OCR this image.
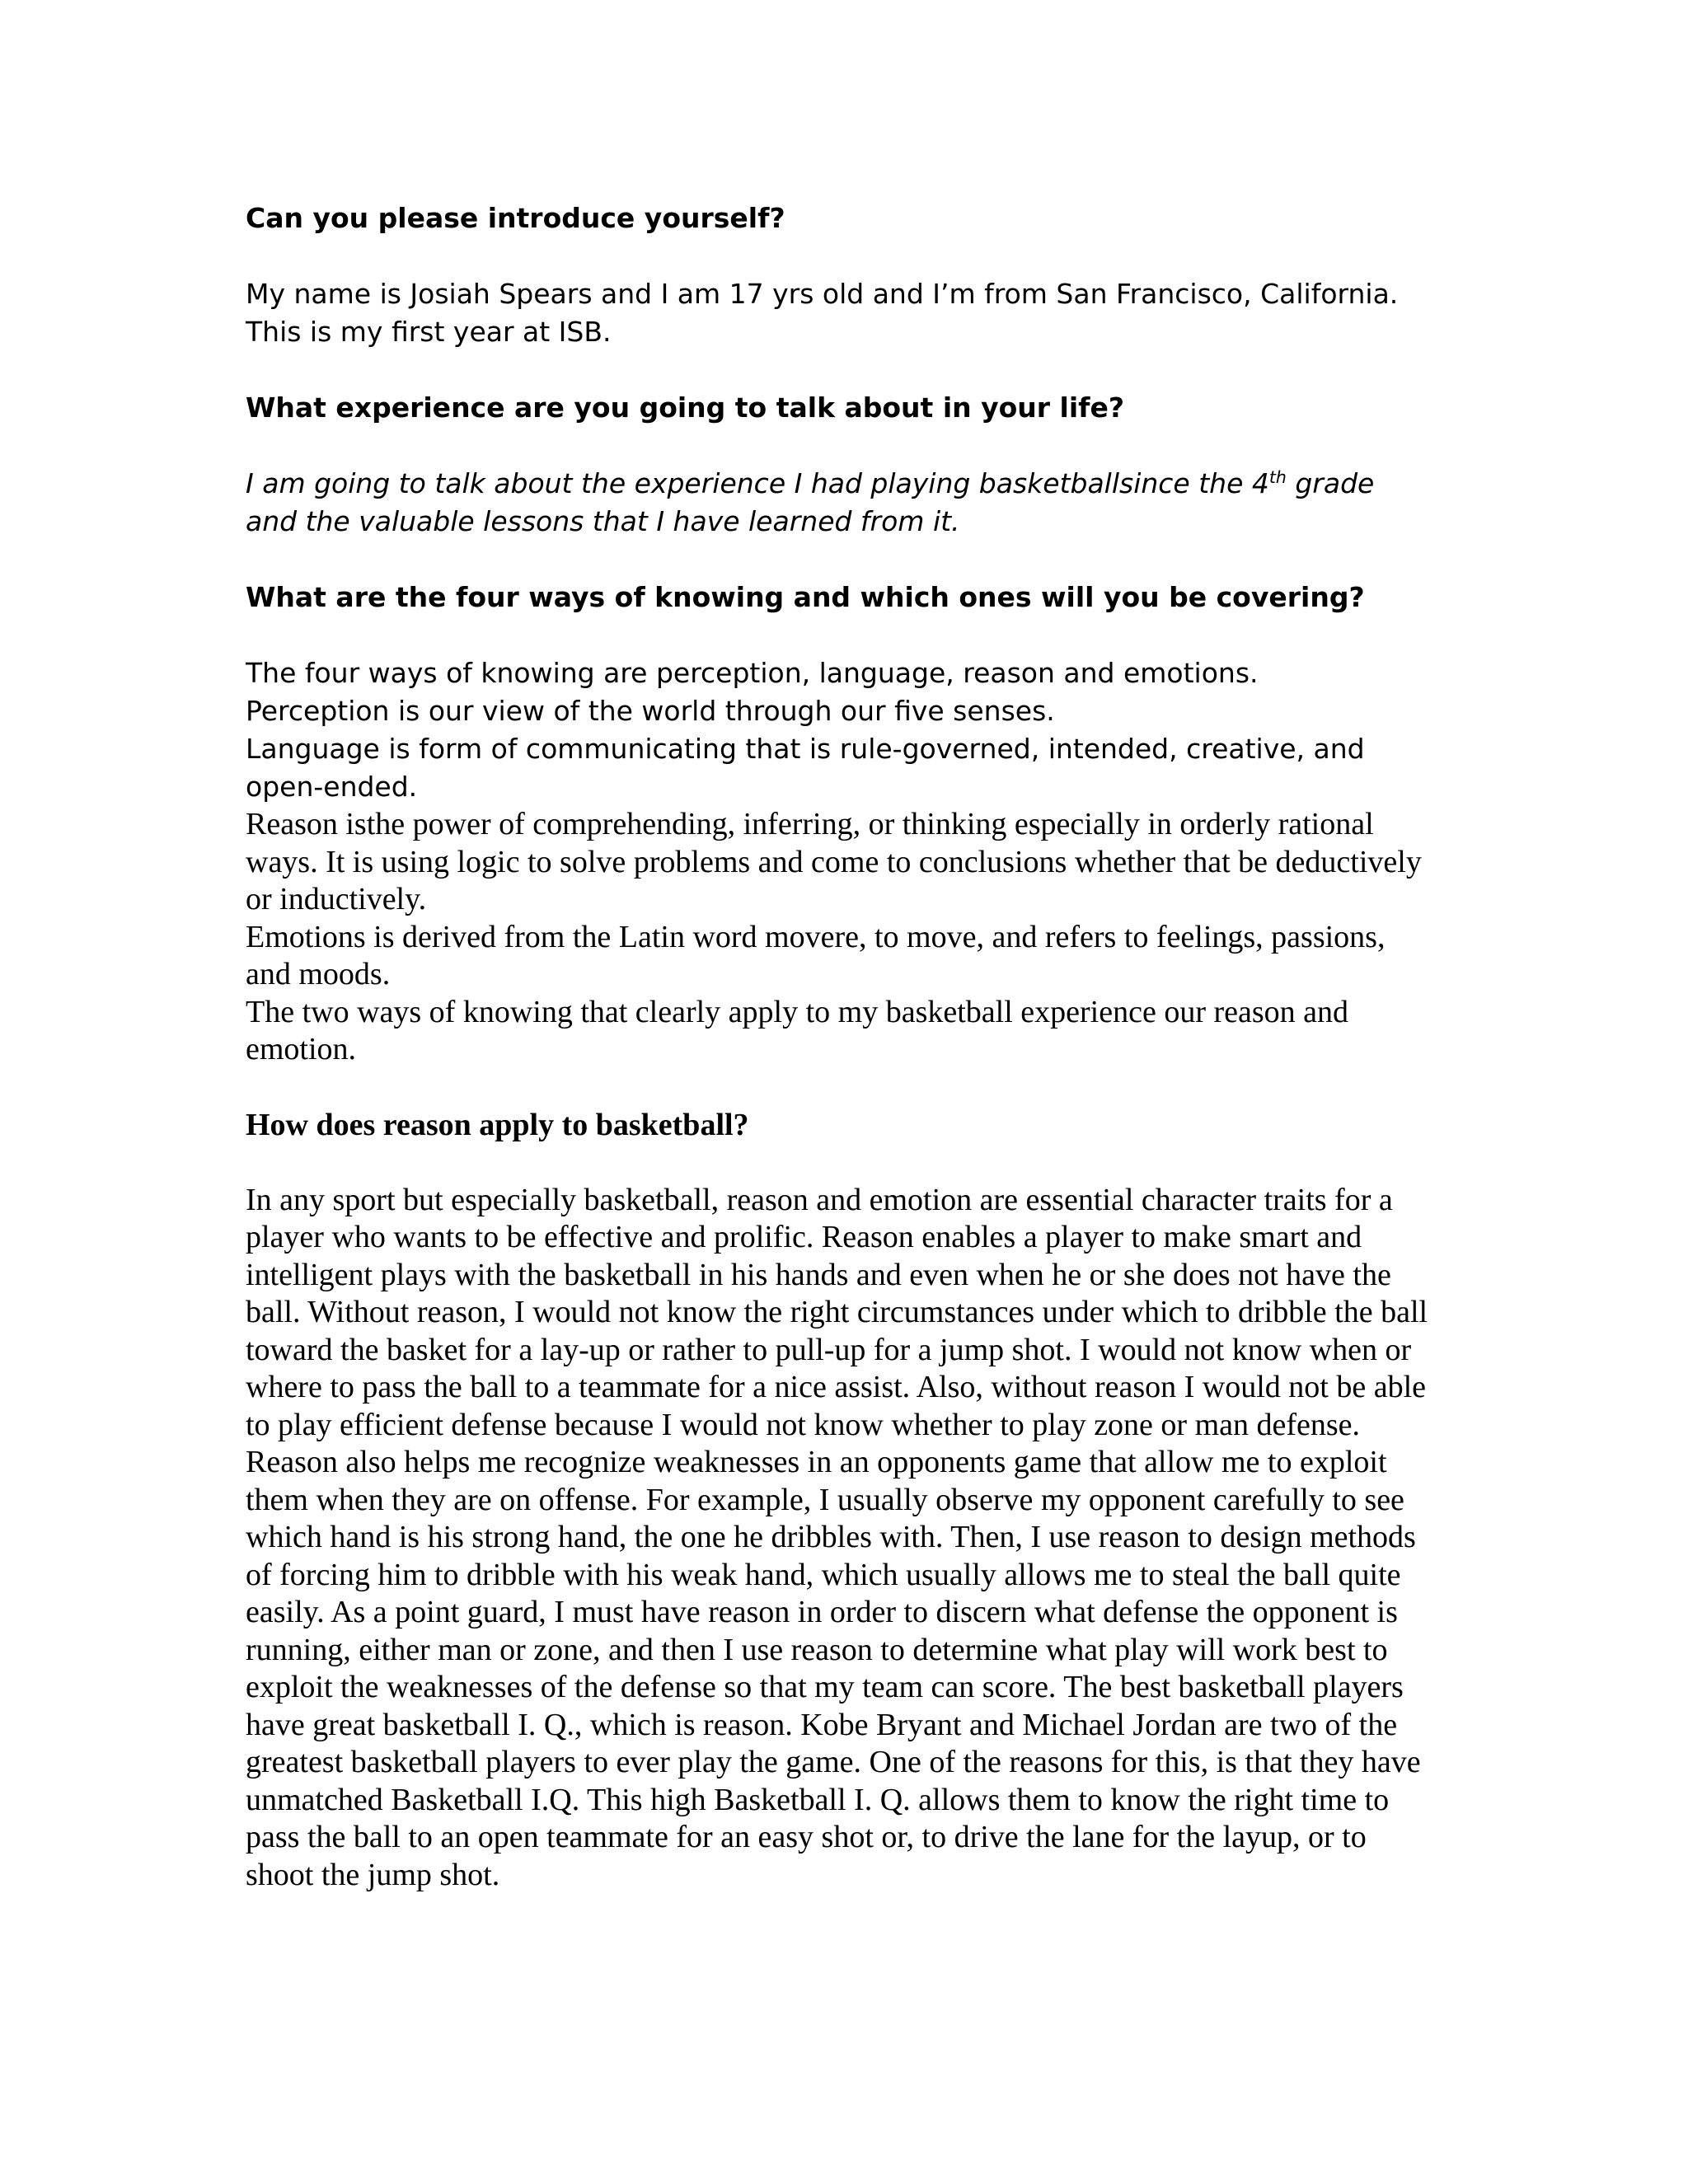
Can you please introduce yourself?

My name is Josiah Spears and I am 17 yrs old and I’m from San Francisco, California. This is my first year at ISB.

What experience are you going to talk about in your life?

I am going to talk about the experience I had playing basketballsince the 4th grade and the valuable lessons that I have learned from it.

What are the four ways of knowing and which ones will you be covering?

The four ways of knowing are perception, language, reason and emotions.

Perception is our view of the world through our five senses.

Language is form of communicating that is rule-governed, intended, creative, and open-ended.

Reason isthe power of comprehending, inferring, or thinking especially in orderly rational ways. It is using logic to solve problems and come to conclusions whether that be deductively or inductively.

Emotions is derived from the Latin word movere, to move, and refers to feelings, passions, and moods.

The two ways of knowing that clearly apply to my basketball experience our reason and emotion.

How does reason apply to basketball?

In any sport but especially basketball, reason and emotion are essential character traits for a player who wants to be effective and prolific. Reason enables a player to make smart and intelligent plays with the basketball in his hands and even when he or she does not have the ball. Without reason, I would not know the right circumstances under which to dribble the ball toward the basket for a lay-up or rather to pull-up for a jump shot. I would not know when or where to pass the ball to a teammate for a nice assist. Also, without reason I would not be able to play efficient defense because I would not know whether to play zone or man defense. Reason also helps me recognize weaknesses in an opponents game that allow me to exploit them when they are on offense. For example, I usually observe my opponent carefully to see which hand is his strong hand, the one he dribbles with. Then, I use reason to design methods of forcing him to dribble with his weak hand, which usually allows me to steal the ball quite easily. As a point guard, I must have reason in order to discern what defense the opponent is running, either man or zone, and then I use reason to determine what play will work best to exploit the weaknesses of the defense so that my team can score. The best basketball players have great basketball I. Q., which is reason. Kobe Bryant and Michael Jordan are two of the greatest basketball players to ever play the game. One of the reasons for this, is that they have unmatched Basketball I.Q. This high Basketball I. Q. allows them to know the right time to pass the ball to an open teammate for an easy shot or, to drive the lane for the layup, or to shoot the jump shot.
